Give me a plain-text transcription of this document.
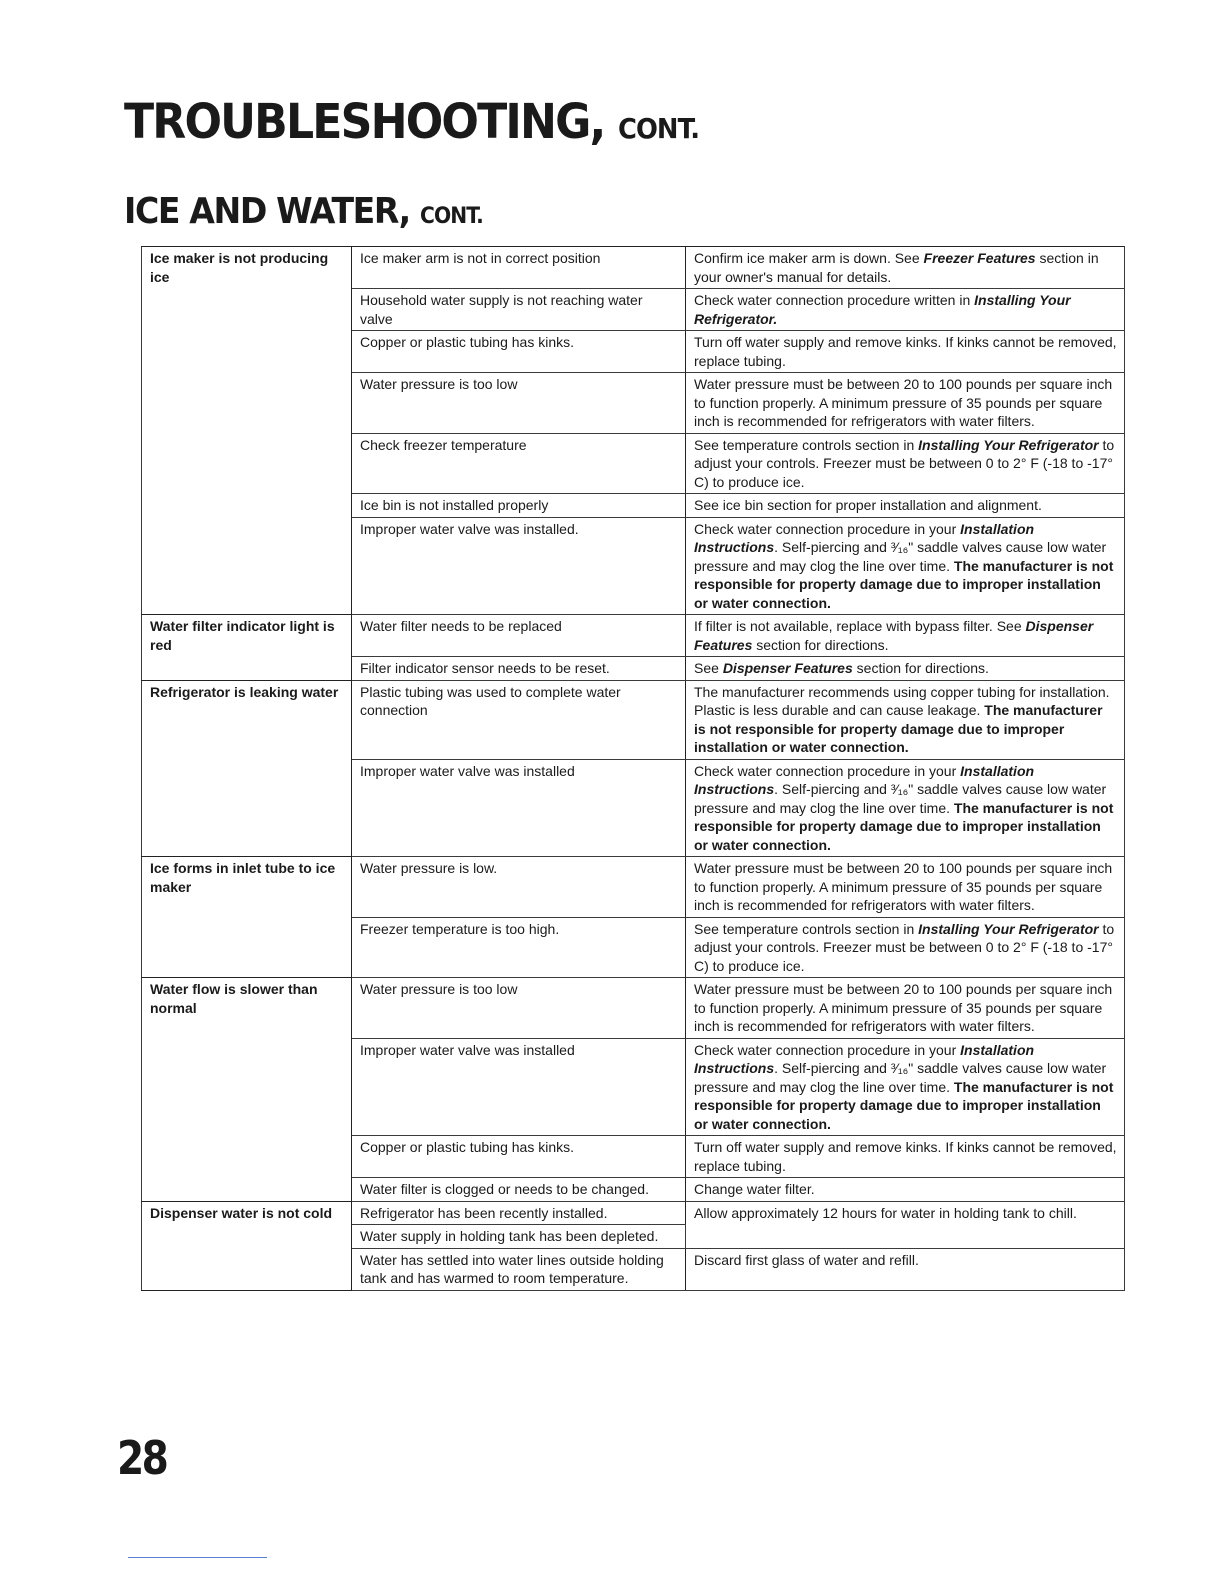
TROUBLESHOOTING, CONT.
ICE AND WATER, CONT.
Ice maker is not producing ice	Ice maker arm is not in correct position	Confirm ice maker arm is down. See Freezer Features section in your owner's manual for details.
	Household water supply is not reaching water valve	Check water connection procedure written in Installing Your Refrigerator.
	Copper or plastic tubing has kinks.	Turn off water supply and remove kinks. If kinks cannot be removed, replace tubing.
	Water pressure is too low	Water pressure must be between 20 to 100 pounds per square inch to function properly. A minimum pressure of 35 pounds per square inch is recommended for refrigerators with water filters.
	Check freezer temperature	See temperature controls section in Installing Your Refrigerator to adjust your controls. Freezer must be between 0 to 2° F (-18 to -17° C) to produce ice.
	Ice bin is not installed properly	See ice bin section for proper installation and alignment.
	Improper water valve was installed.	Check water connection procedure in your Installation Instructions. Self-piercing and ³⁄₁₆" saddle valves cause low water pressure and may clog the line over time. The manufacturer is not responsible for property damage due to improper installation or water connection.
Water filter indicator light is red	Water filter needs to be replaced	If filter is not available, replace with bypass filter. See Dispenser Features section for directions.
	Filter indicator sensor needs to be reset.	See Dispenser Features section for directions.
Refrigerator is leaking water	Plastic tubing was used to complete water connection	The manufacturer recommends using copper tubing for installation. Plastic is less durable and can cause leakage. The manufacturer is not responsible for property damage due to improper installation or water connection.
	Improper water valve was installed	Check water connection procedure in your Installation Instructions. Self-piercing and ³⁄₁₆" saddle valves cause low water pressure and may clog the line over time. The manufacturer is not responsible for property damage due to improper installation or water connection.
Ice forms in inlet tube to ice maker	Water pressure is low.	Water pressure must be between 20 to 100 pounds per square inch to function properly. A minimum pressure of 35 pounds per square inch is recommended for refrigerators with water filters.
	Freezer temperature is too high.	See temperature controls section in Installing Your Refrigerator to adjust your controls. Freezer must be between 0 to 2° F (-18 to -17° C) to produce ice.
Water flow is slower than normal	Water pressure is too low	Water pressure must be between 20 to 100 pounds per square inch to function properly. A minimum pressure of 35 pounds per square inch is recommended for refrigerators with water filters.
	Improper water valve was installed	Check water connection procedure in your Installation Instructions. Self-piercing and ³⁄₁₆" saddle valves cause low water pressure and may clog the line over time. The manufacturer is not responsible for property damage due to improper installation or water connection.
	Copper or plastic tubing has kinks.	Turn off water supply and remove kinks. If kinks cannot be removed, replace tubing.
	Water filter is clogged or needs to be changed.	Change water filter.
Dispenser water is not cold	Refrigerator has been recently installed.	Allow approximately 12 hours for water in holding tank to chill.
	Water supply in holding tank has been depleted.	
	Water has settled into water lines outside holding tank and has warmed to room temperature.	Discard first glass of water and refill.
28
